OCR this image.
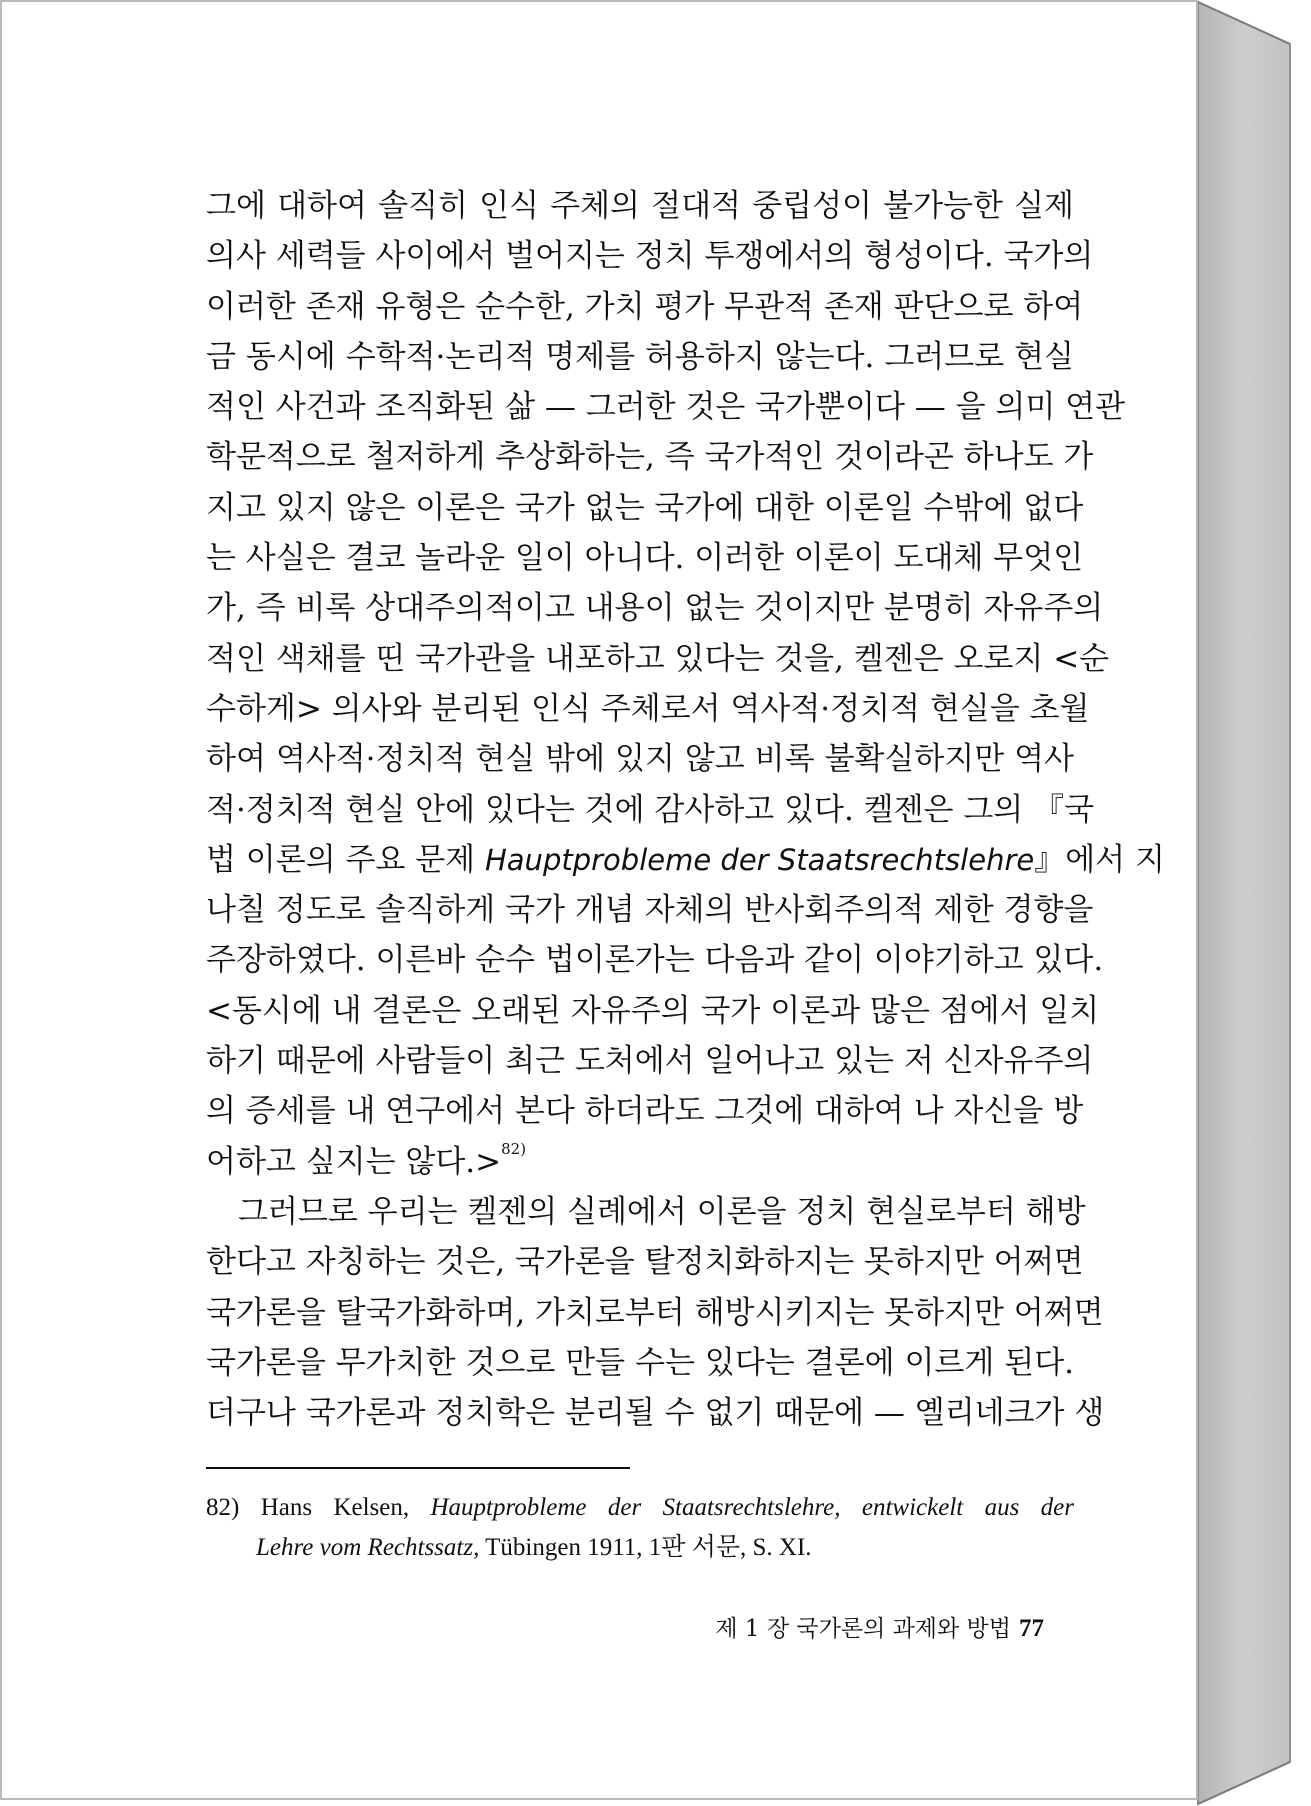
그에 대하여 솔직히 인식 주체의 절대적 중립성이 불가능한 실제
의사 세력들 사이에서 벌어지는 정치 투쟁에서의 형성이다. 국가의
이러한 존재 유형은 순수한, 가치 평가 무관적 존재 판단으로 하여
금 동시에 수학적·논리적 명제를 허용하지 않는다. 그러므로 현실
적인 사건과 조직화된 삶 — 그러한 것은 국가뿐이다 — 을 의미 연관
학문적으로 철저하게 추상화하는, 즉 국가적인 것이라곤 하나도 가
지고 있지 않은 이론은 국가 없는 국가에 대한 이론일 수밖에 없다
는 사실은 결코 놀라운 일이 아니다. 이러한 이론이 도대체 무엇인
가, 즉 비록 상대주의적이고 내용이 없는 것이지만 분명히 자유주의
적인 색채를 띤 국가관을 내포하고 있다는 것을, 켈젠은 오로지 <순
수하게> 의사와 분리된 인식 주체로서 역사적·정치적 현실을 초월
하여 역사적·정치적 현실 밖에 있지 않고 비록 불확실하지만 역사
적·정치적 현실 안에 있다는 것에 감사하고 있다. 켈젠은 그의 『국
법 이론의 주요 문제 Hauptprobleme der Staatsrechtslehre』에서 지
나칠 정도로 솔직하게 국가 개념 자체의 반사회주의적 제한 경향을
주장하였다. 이른바 순수 법이론가는 다음과 같이 이야기하고 있다.
<동시에 내 결론은 오래된 자유주의 국가 이론과 많은 점에서 일치
하기 때문에 사람들이 최근 도처에서 일어나고 있는 저 신자유주의
의 증세를 내 연구에서 본다 하더라도 그것에 대하여 나 자신을 방
어하고 싶지는 않다.>$^{82)}$
그러므로 우리는 켈젠의 실례에서 이론을 정치 현실로부터 해방
한다고 자칭하는 것은, 국가론을 탈정치화하지는 못하지만 어쩌면
국가론을 탈국가화하며, 가치로부터 해방시키지는 못하지만 어쩌면
국가론을 무가치한 것으로 만들 수는 있다는 결론에 이르게 된다.
더구나 국가론과 정치학은 분리될 수 없기 때문에 — 옐리네크가 생
82) Hans Kelsen, Hauptprobleme der Staatsrechtslehre, entwickelt aus der
Lehre vom Rechtssatz, Tübingen 1911, 1판 서문, S. XI.
제 1 장 국가론의 과제와 방법 77
